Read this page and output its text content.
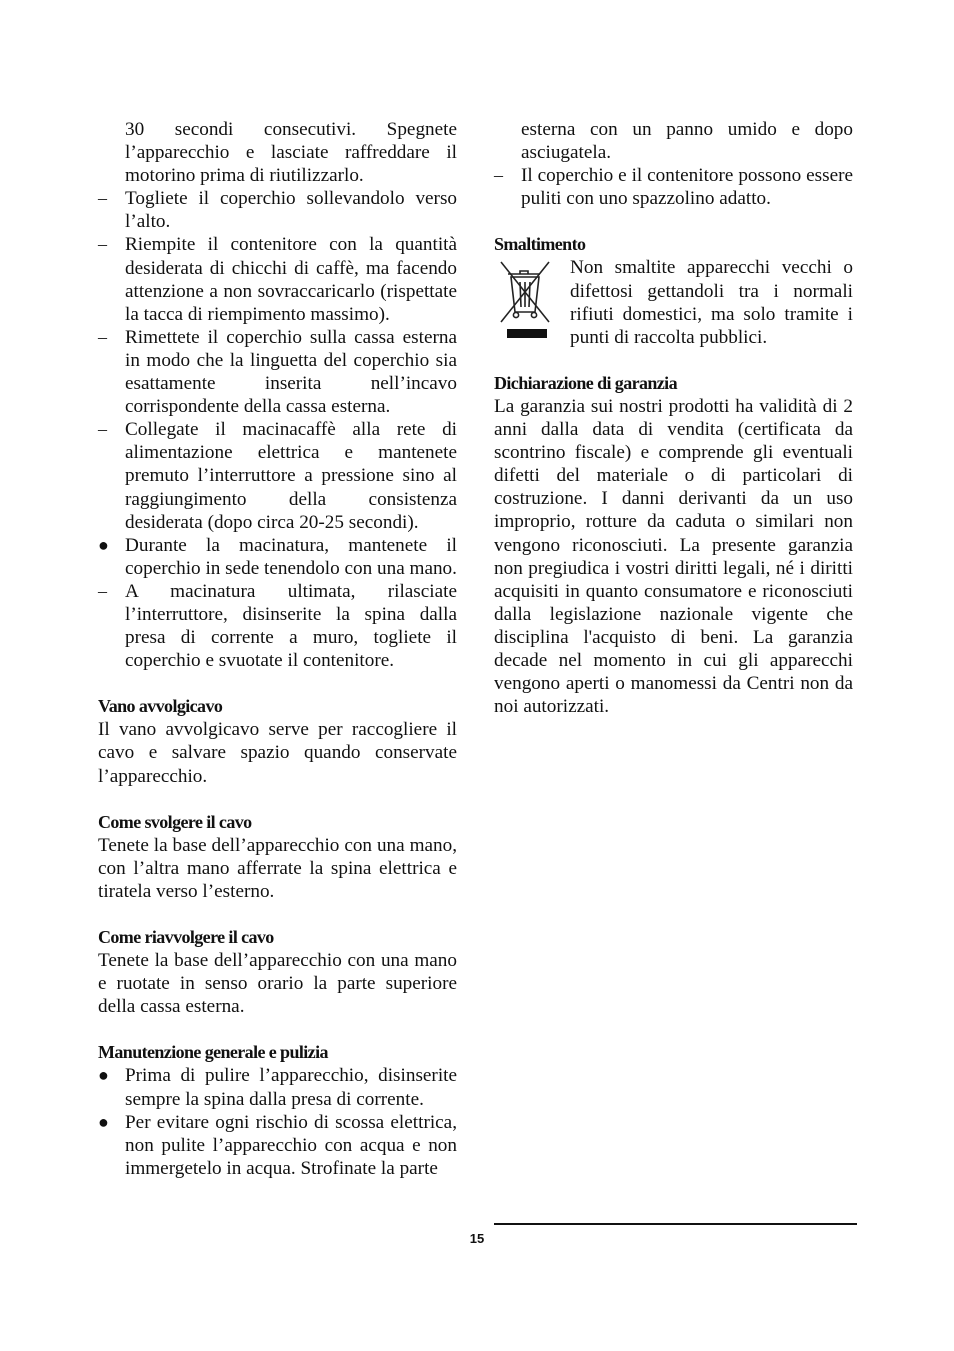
30 secondi consecutivi. Spegnete l’apparecchio e lasciate raffreddare il motorino prima di riutilizzarlo.

– Togliete il coperchio sollevandolo verso l’alto.
– Riempite il contenitore con la quantità desiderata di chicchi di caffè, ma facendo attenzione a non sovraccaricarlo (rispettate la tacca di riempimento massimo).
– Rimettete il coperchio sulla cassa esterna in modo che la linguetta del coperchio sia esattamente inserita nell’incavo corrispondente della cassa esterna.
– Collegate il macinacaffè alla rete di alimentazione elettrica e mantenete premuto l’interruttore a pressione sino al raggiungimento della consistenza desiderata (dopo circa 20-25 secondi).
● Durante la macinatura, mantenete il coperchio in sede tenendolo con una mano.
– A macinatura ultimata, rilasciate l’interruttore, disinserite la spina dalla presa di corrente a muro, togliete il coperchio e svuotate il contenitore.
Vano avvolgicavo

Il vano avvolgicavo serve per raccogliere il cavo e salvare spazio quando conservate l’apparecchio.

Come svolgere il cavo

Tenete la base dell’apparecchio con una mano, con l’altra mano afferrate la spina elettrica e tiratela verso l’esterno.

Come riavvolgere il cavo

Tenete la base dell’apparecchio con una mano e ruotate in senso orario la parte superiore della cassa esterna.

Manutenzione generale e pulizia
● Prima di pulire l’apparecchio, disinserite sempre la spina dalla presa di corrente.
● Per evitare ogni rischio di scossa elettrica, non pulite l’apparecchio con acqua e non immergetelo in acqua. Strofinate la parte

esterna con un panno umido e dopo asciugatela.

– Il coperchio e il contenitore possono essere puliti con uno spazzolino adatto.
Smaltimento

Non smaltite apparecchi vecchi o difettosi gettandoli tra i normali rifiuti domestici, ma solo tramite i punti di raccolta pubblici.

Dichiarazione di garanzia

La garanzia sui nostri prodotti ha validità di 2 anni dalla data di vendita (certificata da scontrino fiscale) e comprende gli eventuali difetti del materiale o di particolari di costruzione. I danni derivanti da un uso improprio, rotture da caduta o similari non vengono riconosciuti. La presente garanzia non pregiudica i vostri diritti legali, né i diritti acquisiti in quanto consumatore e riconosciuti dalla legislazione nazionale vigente che disciplina l'acquisto di beni. La garanzia decade nel momento in cui gli apparecchi vengono aperti o manomessi da Centri non da noi autorizzati.

15
